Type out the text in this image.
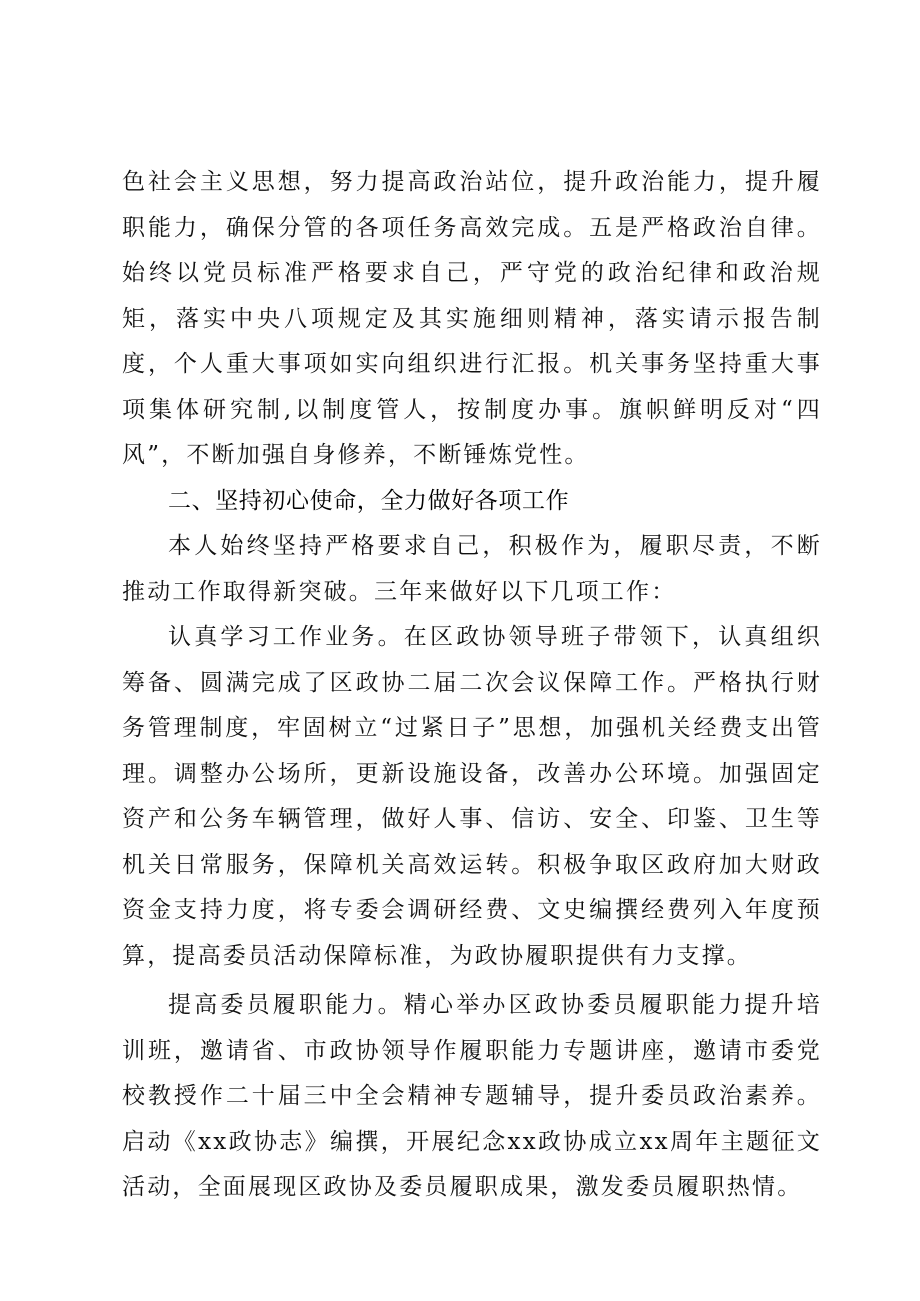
色社会主义思想，努力提高政治站位，提升政治能力，提升履职能力，确保分管的各项任务高效完成。五是严格政治自律。始终以党员标准严格要求自己，严守党的政治纪律和政治规矩，落实中央八项规定及其实施细则精神，落实请示报告制度，个人重大事项如实向组织进行汇报。机关事务坚持重大事项集体研究制,以制度管人，按制度办事。旗帜鲜明反对“四风”，不断加强自身修养，不断锤炼党性。

二、坚持初心使命，全力做好各项工作

本人始终坚持严格要求自己，积极作为，履职尽责，不断推动工作取得新突破。三年来做好以下几项工作：

认真学习工作业务。在区政协领导班子带领下，认真组织筹备、圆满完成了区政协二届二次会议保障工作。严格执行财务管理制度，牢固树立“过紧日子”思想，加强机关经费支出管理。调整办公场所，更新设施设备，改善办公环境。加强固定资产和公务车辆管理，做好人事、信访、安全、印鉴、卫生等机关日常服务，保障机关高效运转。积极争取区政府加大财政资金支持力度，将专委会调研经费、文史编撰经费列入年度预算，提高委员活动保障标准，为政协履职提供有力支撑。

提高委员履职能力。精心举办区政协委员履职能力提升培训班，邀请省、市政协领导作履职能力专题讲座，邀请市委党校教授作二十届三中全会精神专题辅导，提升委员政治素养。启动《xx政协志》编撰，开展纪念xx政协成立xx周年主题征文活动，全面展现区政协及委员履职成果，激发委员履职热情。
